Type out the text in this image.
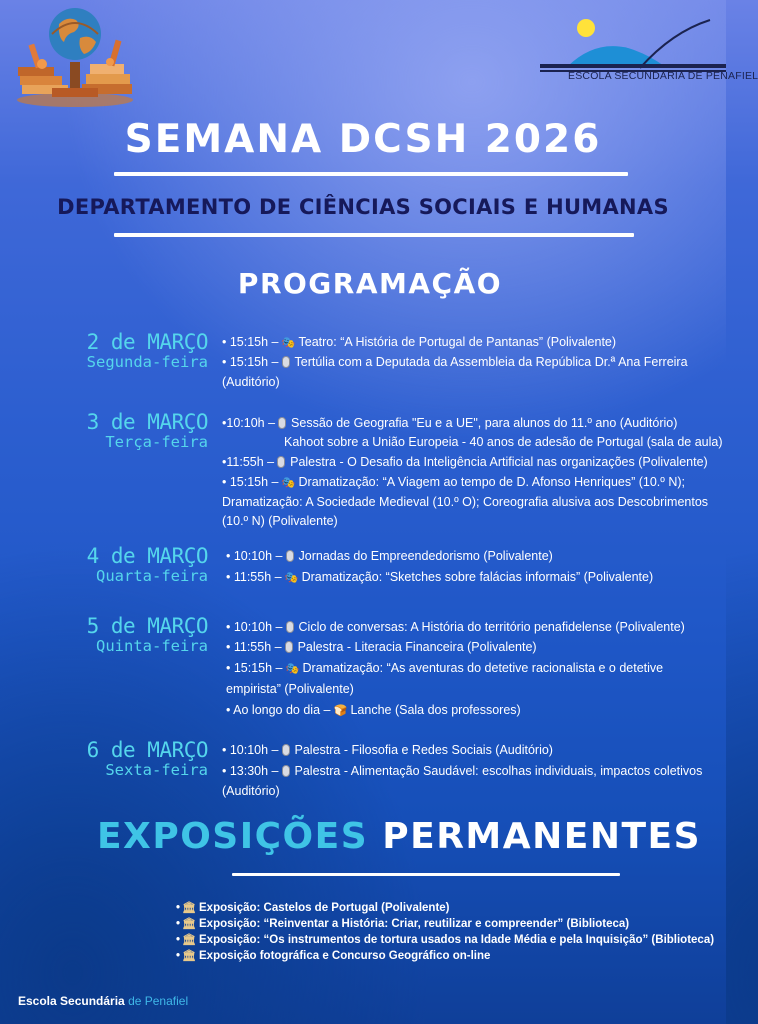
ESCOLA SECUNDÁRIA DE PENAFIEL
SEMANA DCSH 2026
DEPARTAMENTO DE CIÊNCIAS SOCIAIS E HUMANAS
PROGRAMAÇÃO
2 de MARÇO
Segunda-feira
• 15:15h – 🎭 Teatro: “A História de Portugal de Pantanas” (Polivalente)
• 15:15h – Tertúlia com a Deputada da Assembleia da República Dr.ª Ana Ferreira
(Auditório)
3 de MARÇO
Terça-feira
•10:10h – Sessão de Geografia "Eu e a UE", para alunos do 11.º ano (Auditório)
Kahoot sobre a União Europeia - 40 anos de adesão de Portugal (sala de aula)
•11:55h – Palestra - O Desafio da Inteligência Artificial nas organizações (Polivalente)
• 15:15h – 🎭 Dramatização: “A Viagem ao tempo de D. Afonso Henriques” (10.º N);
Dramatização: A Sociedade Medieval (10.º O); Coreografia alusiva aos Descobrimentos
(10.º N) (Polivalente)
4 de MARÇO
Quarta-feira
• 10:10h – Jornadas do Empreendedorismo (Polivalente)
• 11:55h – 🎭 Dramatização: “Sketches sobre falácias informais” (Polivalente)
5 de MARÇO
Quinta-feira
• 10:10h – Ciclo de conversas: A História do território penafidelense (Polivalente)
• 11:55h – Palestra - Literacia Financeira (Polivalente)
• 15:15h – 🎭 Dramatização: “As aventuras do detetive racionalista e o detetive
empirista” (Polivalente)
• Ao longo do dia – 🍞 Lanche (Sala dos professores)
6 de MARÇO
Sexta-feira
• 10:10h – Palestra - Filosofia e Redes Sociais (Auditório)
• 13:30h – Palestra - Alimentação Saudável: escolhas individuais, impactos coletivos
(Auditório)
EXPOSIÇÕES PERMANENTES
• 🏛 Exposição: Castelos de Portugal (Polivalente)
• 🏛 Exposição: “Reinventar a História: Criar, reutilizar e compreender” (Biblioteca)
• 🏛 Exposição: “Os instrumentos de tortura usados na Idade Média e pela Inquisição” (Biblioteca)
• 🏛 Exposição fotográfica e Concurso Geográfico on-line
Escola Secundária de Penafiel
